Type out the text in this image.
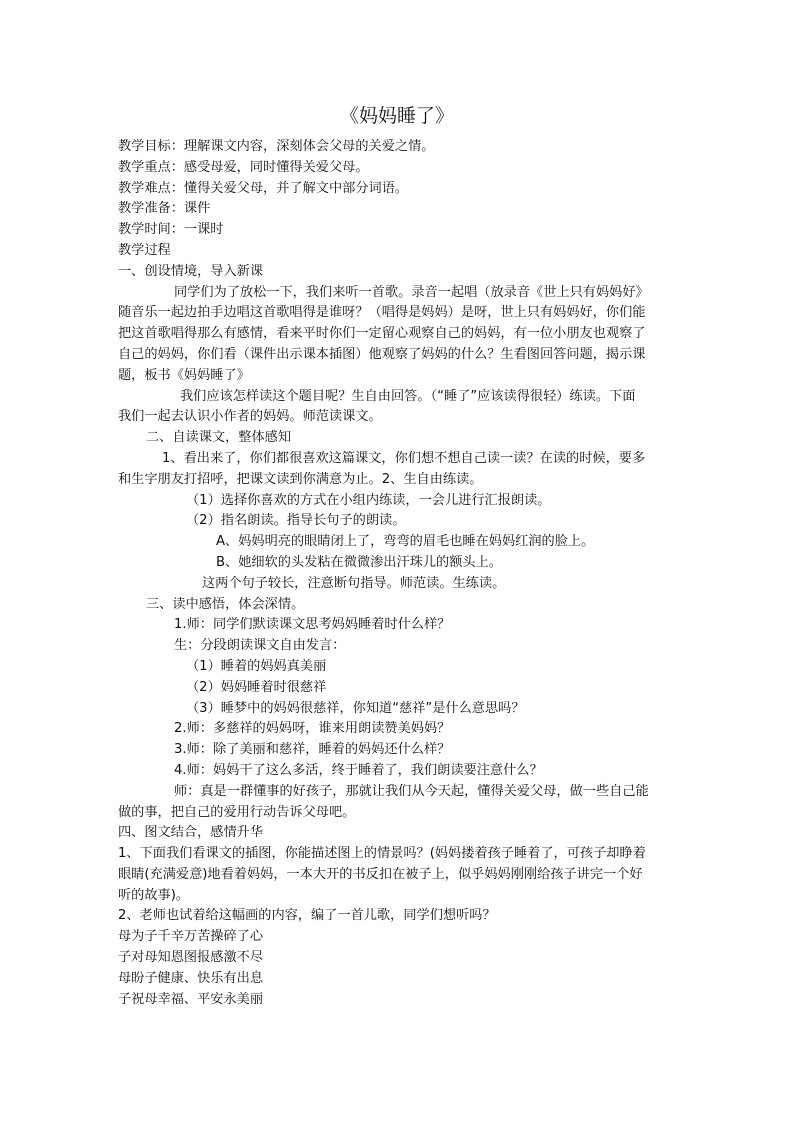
《妈妈睡了》
教学目标：理解课文内容，深刻体会父母的关爱之情。
教学重点：感受母爱，同时懂得关爱父母。
教学难点：懂得关爱父母，并了解文中部分词语。
教学准备：课件
教学时间：一课时
教学过程
一、创设情境，导入新课
同学们为了放松一下，我们来听一首歌。录音一起唱（放录音《世上只有妈妈好》
随音乐一起边拍手边唱这首歌唱得是谁呀？（唱得是妈妈）是呀，世上只有妈妈好，你们能
把这首歌唱得那么有感情，看来平时你们一定留心观察自己的妈妈，有一位小朋友也观察了
自己的妈妈，你们看（课件出示课本插图）他观察了妈妈的什么？生看图回答问题，揭示课
题，板书《妈妈睡了》
我们应该怎样读这个题目呢？生自由回答。（“睡了”应该读得很轻）练读。下面
我们一起去认识小作者的妈妈。师范读课文。
二、自读课文，整体感知
1、看出来了，你们都很喜欢这篇课文，你们想不想自己读一读？在读的时候，要多
和生字朋友打招呼，把课文读到你满意为止。2、生自由练读。
（1）选择你喜欢的方式在小组内练读，一会儿进行汇报朗读。
（2）指名朗读。指导长句子的朗读。
A、妈妈明亮的眼睛闭上了，弯弯的眉毛也睡在妈妈红润的脸上。
B、她细软的头发粘在微微渗出汗珠儿的额头上。
这两个句子较长，注意断句指导。师范读。生练读。
三、读中感悟，体会深情。
1.师：同学们默读课文思考妈妈睡着时什么样？
生：分段朗读课文自由发言：
（1）睡着的妈妈真美丽
（2）妈妈睡着时很慈祥
（3）睡梦中的妈妈很慈祥，你知道“慈祥”是什么意思吗？
2.师：多慈祥的妈妈呀，谁来用朗读赞美妈妈？
3.师：除了美丽和慈祥，睡着的妈妈还什么样？
4.师：妈妈干了这么多活，终于睡着了，我们朗读要注意什么？
师：真是一群懂事的好孩子，那就让我们从今天起，懂得关爱父母，做一些自己能
做的事，把自己的爱用行动告诉父母吧。
四、图文结合，感情升华
1、下面我们看课文的插图，你能描述图上的情景吗？(妈妈搂着孩子睡着了，可孩子却睁着
眼睛(充满爱意)地看着妈妈，一本大开的书反扣在被子上，似乎妈妈刚刚给孩子讲完一个好
听的故事)。
2、老师也试着给这幅画的内容，编了一首儿歌，同学们想听吗？
母为子千辛万苦操碎了心
子对母知恩图报感激不尽
母盼子健康、快乐有出息
子祝母幸福、平安永美丽
